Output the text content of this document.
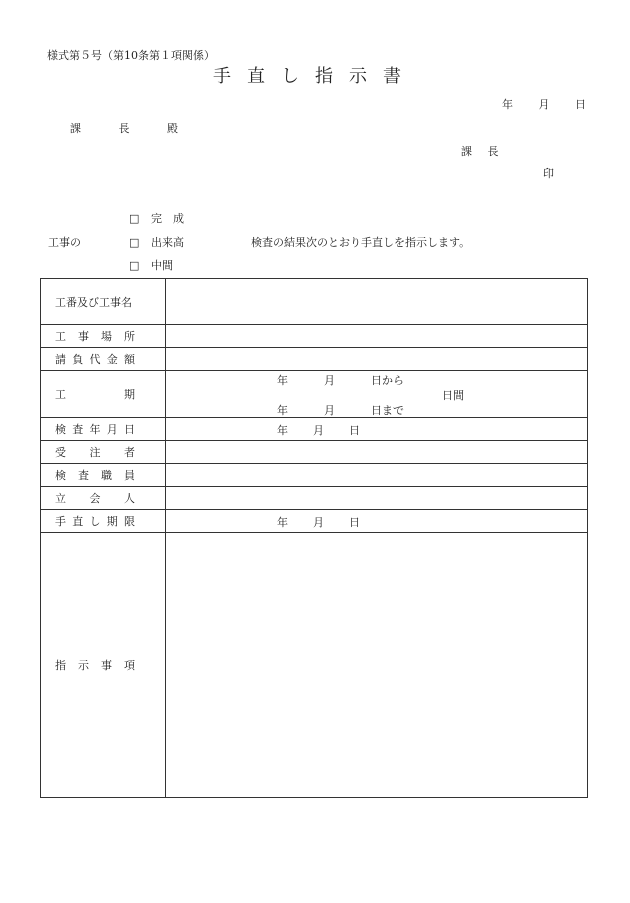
様式第５号（第10条第１項関係）
手直し指示書
年 月 日
課 長 殿
課 長
印
□ 完　成
工事の	□ 出来高	検査の結果次のとおり手直しを指示します。
□ 中間
工番及び工事名	

工事場所	

請負代金額	

工期	年 月 日から
日間
年 月 日まで

検査年月日	年 月 日

受注者	

検査職員	

立会人	

手直し期限	年 月 日

指示事項	
